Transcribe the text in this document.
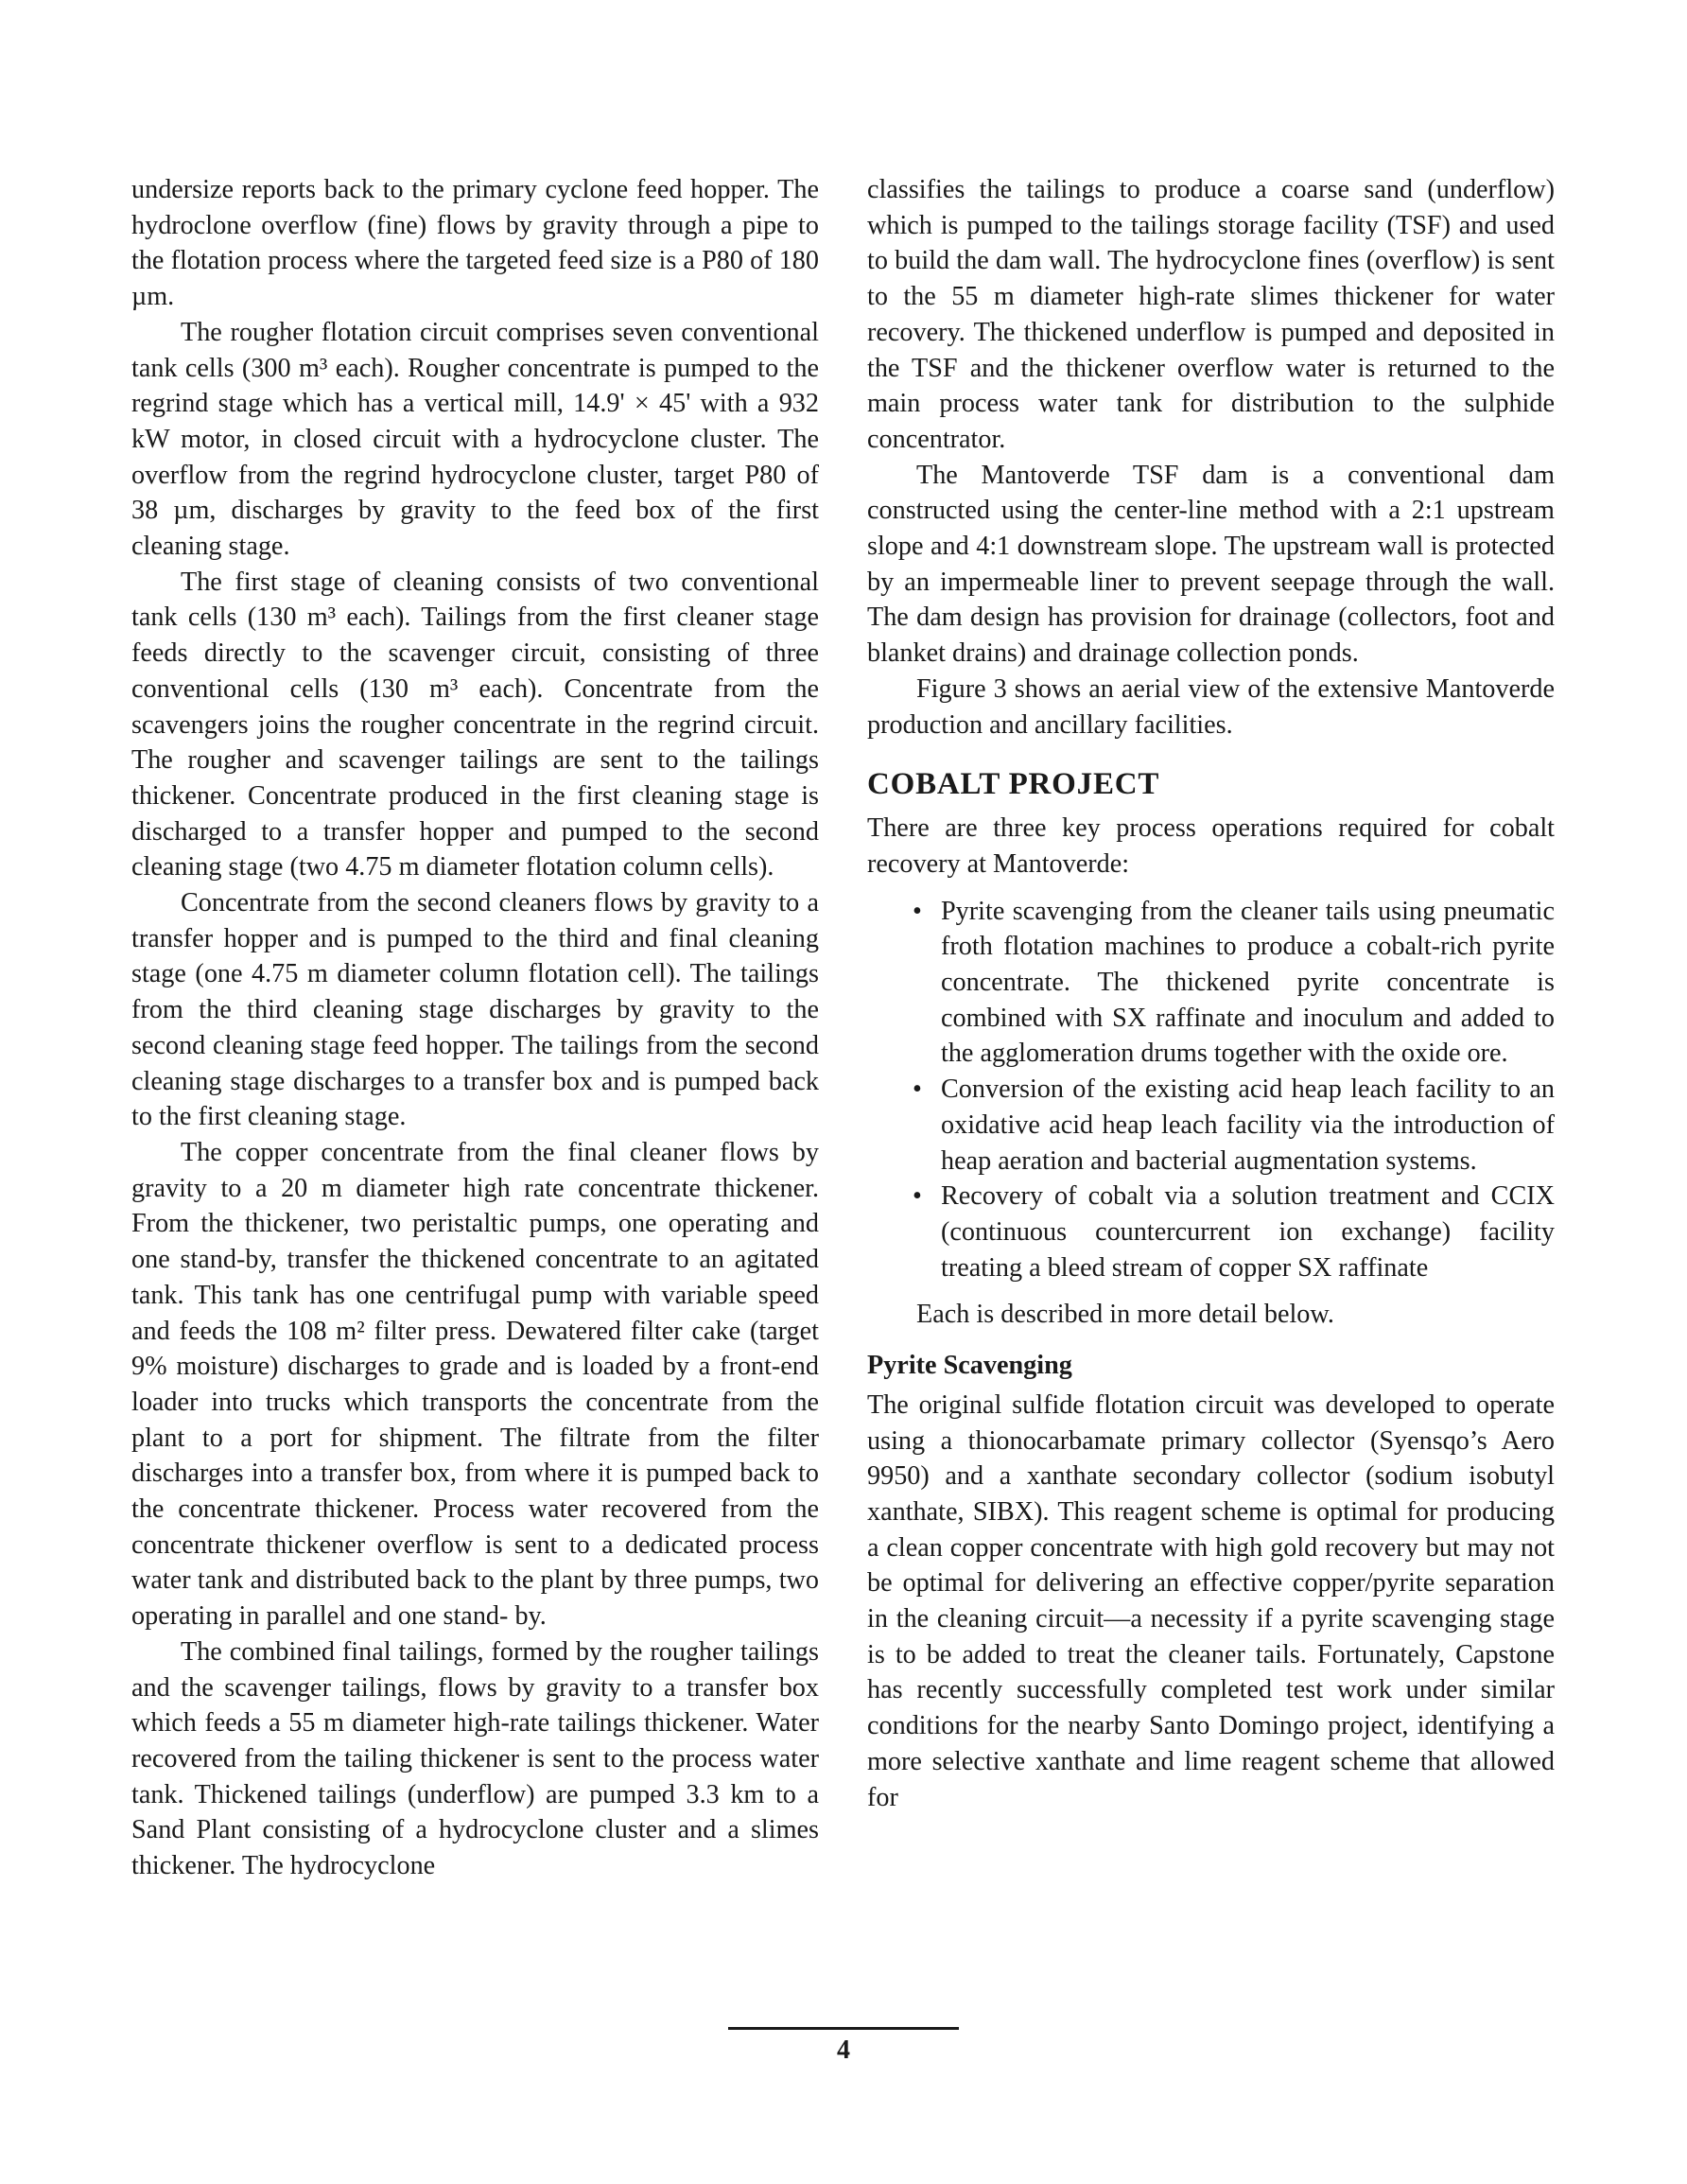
undersize reports back to the primary cyclone feed hopper. The hydroclone overflow (fine) flows by gravity through a pipe to the flotation process where the targeted feed size is a P80 of 180 µm.

The rougher flotation circuit comprises seven conventional tank cells (300 m³ each). Rougher concentrate is pumped to the regrind stage which has a vertical mill, 14.9' × 45' with a 932 kW motor, in closed circuit with a hydrocyclone cluster. The overflow from the regrind hydrocyclone cluster, target P80 of 38 µm, discharges by gravity to the feed box of the first cleaning stage.

The first stage of cleaning consists of two conventional tank cells (130 m³ each). Tailings from the first cleaner stage feeds directly to the scavenger circuit, consisting of three conventional cells (130 m³ each). Concentrate from the scavengers joins the rougher concentrate in the regrind circuit. The rougher and scavenger tailings are sent to the tailings thickener. Concentrate produced in the first cleaning stage is discharged to a transfer hopper and pumped to the second cleaning stage (two 4.75 m diameter flotation column cells).

Concentrate from the second cleaners flows by gravity to a transfer hopper and is pumped to the third and final cleaning stage (one 4.75 m diameter column flotation cell). The tailings from the third cleaning stage discharges by gravity to the second cleaning stage feed hopper. The tailings from the second cleaning stage discharges to a transfer box and is pumped back to the first cleaning stage.

The copper concentrate from the final cleaner flows by gravity to a 20 m diameter high rate concentrate thickener. From the thickener, two peristaltic pumps, one operating and one stand-by, transfer the thickened concentrate to an agitated tank. This tank has one centrifugal pump with variable speed and feeds the 108 m² filter press. Dewatered filter cake (target 9% moisture) discharges to grade and is loaded by a front-end loader into trucks which transports the concentrate from the plant to a port for shipment. The filtrate from the filter discharges into a transfer box, from where it is pumped back to the concentrate thickener. Process water recovered from the concentrate thickener overflow is sent to a dedicated process water tank and distributed back to the plant by three pumps, two operating in parallel and one stand- by.

The combined final tailings, formed by the rougher tailings and the scavenger tailings, flows by gravity to a transfer box which feeds a 55 m diameter high-rate tailings thickener. Water recovered from the tailing thickener is sent to the process water tank. Thickened tailings (underflow) are pumped 3.3 km to a Sand Plant consisting of a hydrocyclone cluster and a slimes thickener. The hydrocyclone

classifies the tailings to produce a coarse sand (underflow) which is pumped to the tailings storage facility (TSF) and used to build the dam wall. The hydrocyclone fines (overflow) is sent to the 55 m diameter high-rate slimes thickener for water recovery. The thickened underflow is pumped and deposited in the TSF and the thickener overflow water is returned to the main process water tank for distribution to the sulphide concentrator.

The Mantoverde TSF dam is a conventional dam constructed using the center-line method with a 2:1 upstream slope and 4:1 downstream slope. The upstream wall is protected by an impermeable liner to prevent seepage through the wall. The dam design has provision for drainage (collectors, foot and blanket drains) and drainage collection ponds.

Figure 3 shows an aerial view of the extensive Mantoverde production and ancillary facilities.

COBALT PROJECT

There are three key process operations required for cobalt recovery at Mantoverde:

• Pyrite scavenging from the cleaner tails using pneumatic froth flotation machines to produce a cobalt-rich pyrite concentrate. The thickened pyrite concentrate is combined with SX raffinate and inoculum and added to the agglomeration drums together with the oxide ore.
• Conversion of the existing acid heap leach facility to an oxidative acid heap leach facility via the introduction of heap aeration and bacterial augmentation systems.
• Recovery of cobalt via a solution treatment and CCIX (continuous countercurrent ion exchange) facility treating a bleed stream of copper SX raffinate

Each is described in more detail below.

Pyrite Scavenging

The original sulfide flotation circuit was developed to operate using a thionocarbamate primary collector (Syensqo’s Aero 9950) and a xanthate secondary collector (sodium isobutyl xanthate, SIBX). This reagent scheme is optimal for producing a clean copper concentrate with high gold recovery but may not be optimal for delivering an effective copper/pyrite separation in the cleaning circuit—a necessity if a pyrite scavenging stage is to be added to treat the cleaner tails. Fortunately, Capstone has recently successfully completed test work under similar conditions for the nearby Santo Domingo project, identifying a more selective xanthate and lime reagent scheme that allowed for

4
